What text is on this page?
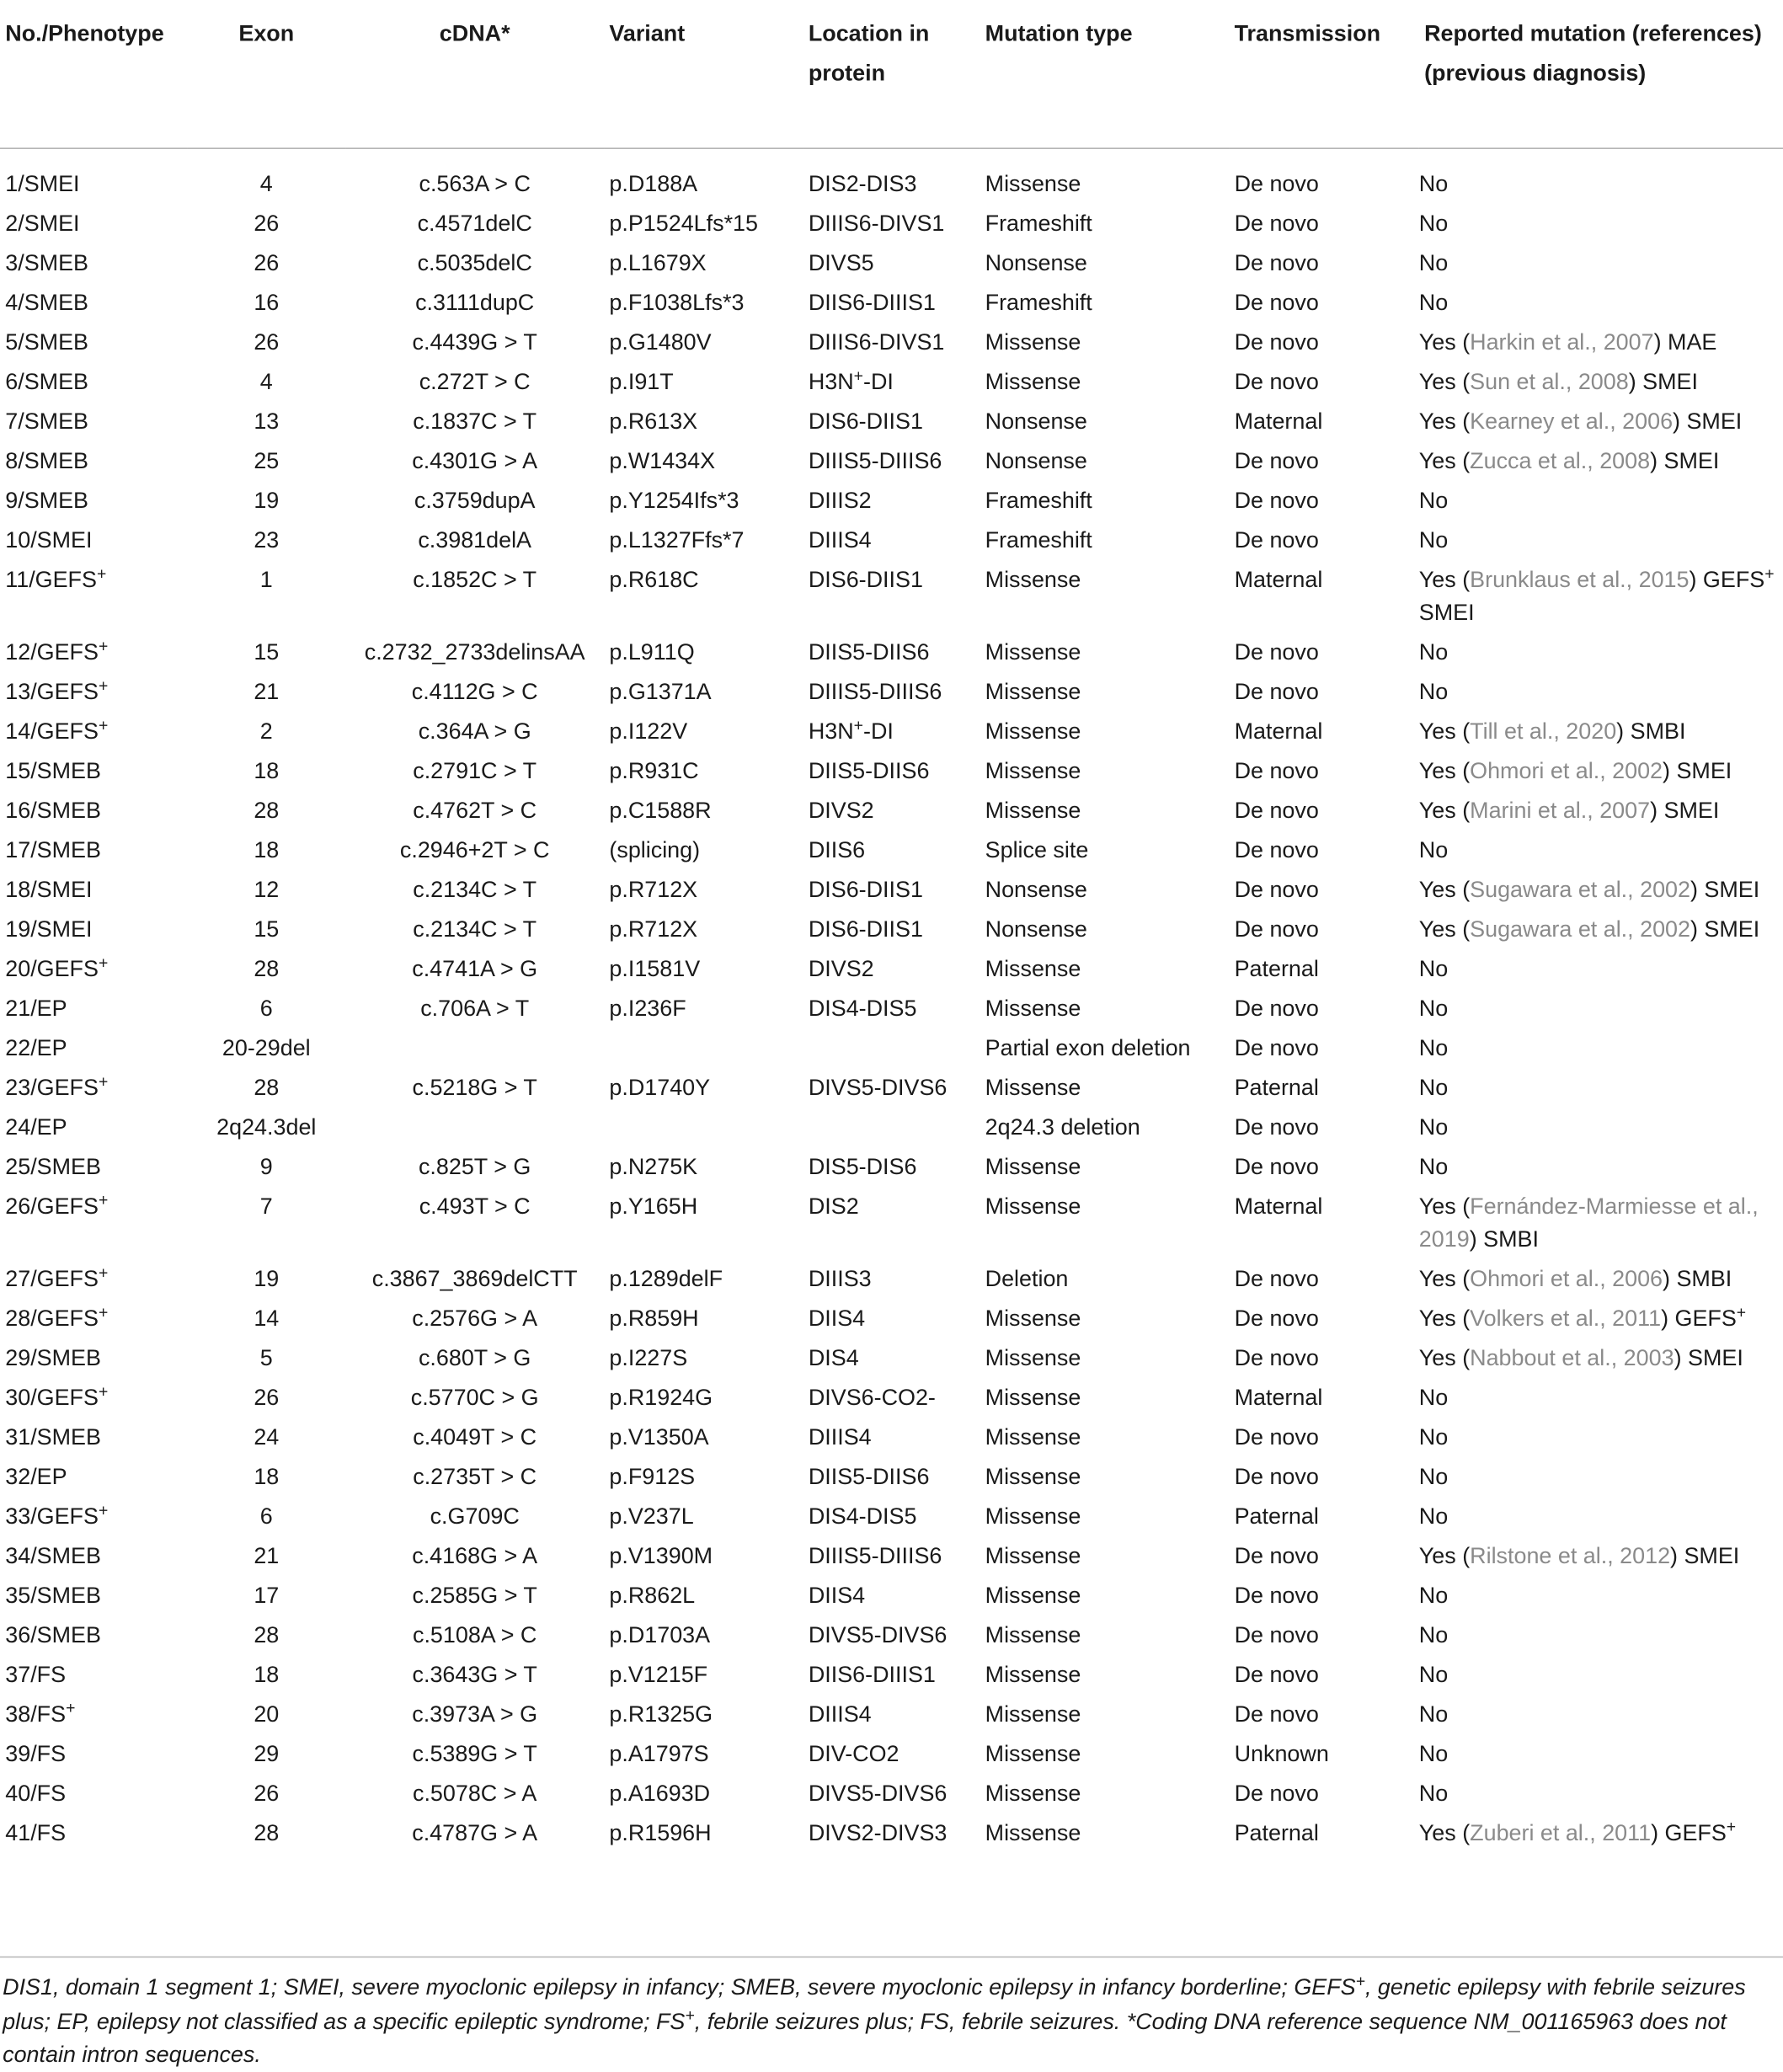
No./Phenotype	Exon	cDNA*	Variant	Location in protein	Mutation type	Transmission	Reported mutation (references) (previous diagnosis)
1/SMEI	4	c.563A > C	p.D188A	DIS2-DIS3	Missense	De novo	No
2/SMEI	26	c.4571delC	p.P1524Lfs*15	DIIIS6-DIVS1	Frameshift	De novo	No
3/SMEB	26	c.5035delC	p.L1679X	DIVS5	Nonsense	De novo	No
4/SMEB	16	c.3111dupC	p.F1038Lfs*3	DIIS6-DIIIS1	Frameshift	De novo	No
5/SMEB	26	c.4439G > T	p.G1480V	DIIIS6-DIVS1	Missense	De novo	Yes (Harkin et al., 2007) MAE
6/SMEB	4	c.272T > C	p.I91T	H3N+-DI	Missense	De novo	Yes (Sun et al., 2008) SMEI
7/SMEB	13	c.1837C > T	p.R613X	DIS6-DIIS1	Nonsense	Maternal	Yes (Kearney et al., 2006) SMEI
8/SMEB	25	c.4301G > A	p.W1434X	DIIIS5-DIIIS6	Nonsense	De novo	Yes (Zucca et al., 2008) SMEI
9/SMEB	19	c.3759dupA	p.Y1254Ifs*3	DIIIS2	Frameshift	De novo	No
10/SMEI	23	c.3981delA	p.L1327Ffs*7	DIIIS4	Frameshift	De novo	No
11/GEFS+	1	c.1852C > T	p.R618C	DIS6-DIIS1	Missense	Maternal	Yes (Brunklaus et al., 2015) GEFS+ SMEI
12/GEFS+	15	c.2732_2733delinsAA	p.L911Q	DIIS5-DIIS6	Missense	De novo	No
13/GEFS+	21	c.4112G > C	p.G1371A	DIIIS5-DIIIS6	Missense	De novo	No
14/GEFS+	2	c.364A > G	p.I122V	H3N+-DI	Missense	Maternal	Yes (Till et al., 2020) SMBI
15/SMEB	18	c.2791C > T	p.R931C	DIIS5-DIIS6	Missense	De novo	Yes (Ohmori et al., 2002) SMEI
16/SMEB	28	c.4762T > C	p.C1588R	DIVS2	Missense	De novo	Yes (Marini et al., 2007) SMEI
17/SMEB	18	c.2946+2T > C	(splicing)	DIIS6	Splice site	De novo	No
18/SMEI	12	c.2134C > T	p.R712X	DIS6-DIIS1	Nonsense	De novo	Yes (Sugawara et al., 2002) SMEI
19/SMEI	15	c.2134C > T	p.R712X	DIS6-DIIS1	Nonsense	De novo	Yes (Sugawara et al., 2002) SMEI
20/GEFS+	28	c.4741A > G	p.I1581V	DIVS2	Missense	Paternal	No
21/EP	6	c.706A > T	p.I236F	DIS4-DIS5	Missense	De novo	No
22/EP	20-29del				Partial exon deletion	De novo	No
23/GEFS+	28	c.5218G > T	p.D1740Y	DIVS5-DIVS6	Missense	Paternal	No
24/EP	2q24.3del				2q24.3 deletion	De novo	No
25/SMEB	9	c.825T > G	p.N275K	DIS5-DIS6	Missense	De novo	No
26/GEFS+	7	c.493T > C	p.Y165H	DIS2	Missense	Maternal	Yes (Fernández-Marmiesse et al., 2019) SMBI
27/GEFS+	19	c.3867_3869delCTT	p.1289delF	DIIIS3	Deletion	De novo	Yes (Ohmori et al., 2006) SMBI
28/GEFS+	14	c.2576G > A	p.R859H	DIIS4	Missense	De novo	Yes (Volkers et al., 2011) GEFS+
29/SMEB	5	c.680T > G	p.I227S	DIS4	Missense	De novo	Yes (Nabbout et al., 2003) SMEI
30/GEFS+	26	c.5770C > G	p.R1924G	DIVS6-CO2-	Missense	Maternal	No
31/SMEB	24	c.4049T > C	p.V1350A	DIIIS4	Missense	De novo	No
32/EP	18	c.2735T > C	p.F912S	DIIS5-DIIS6	Missense	De novo	No
33/GEFS+	6	c.G709C	p.V237L	DIS4-DIS5	Missense	Paternal	No
34/SMEB	21	c.4168G > A	p.V1390M	DIIIS5-DIIIS6	Missense	De novo	Yes (Rilstone et al., 2012) SMEI
35/SMEB	17	c.2585G > T	p.R862L	DIIS4	Missense	De novo	No
36/SMEB	28	c.5108A > C	p.D1703A	DIVS5-DIVS6	Missense	De novo	No
37/FS	18	c.3643G > T	p.V1215F	DIIS6-DIIIS1	Missense	De novo	No
38/FS+	20	c.3973A > G	p.R1325G	DIIIS4	Missense	De novo	No
39/FS	29	c.5389G > T	p.A1797S	DIV-CO2	Missense	Unknown	No
40/FS	26	c.5078C > A	p.A1693D	DIVS5-DIVS6	Missense	De novo	No
41/FS	28	c.4787G > A	p.R1596H	DIVS2-DIVS3	Missense	Paternal	Yes (Zuberi et al., 2011) GEFS+
DIS1, domain 1 segment 1; SMEI, severe myoclonic epilepsy in infancy; SMEB, severe myoclonic epilepsy in infancy borderline; GEFS+, genetic epilepsy with febrile seizures plus; EP, epilepsy not classified as a specific epileptic syndrome; FS+, febrile seizures plus; FS, febrile seizures. *Coding DNA reference sequence NM_001165963 does not contain intron sequences.
